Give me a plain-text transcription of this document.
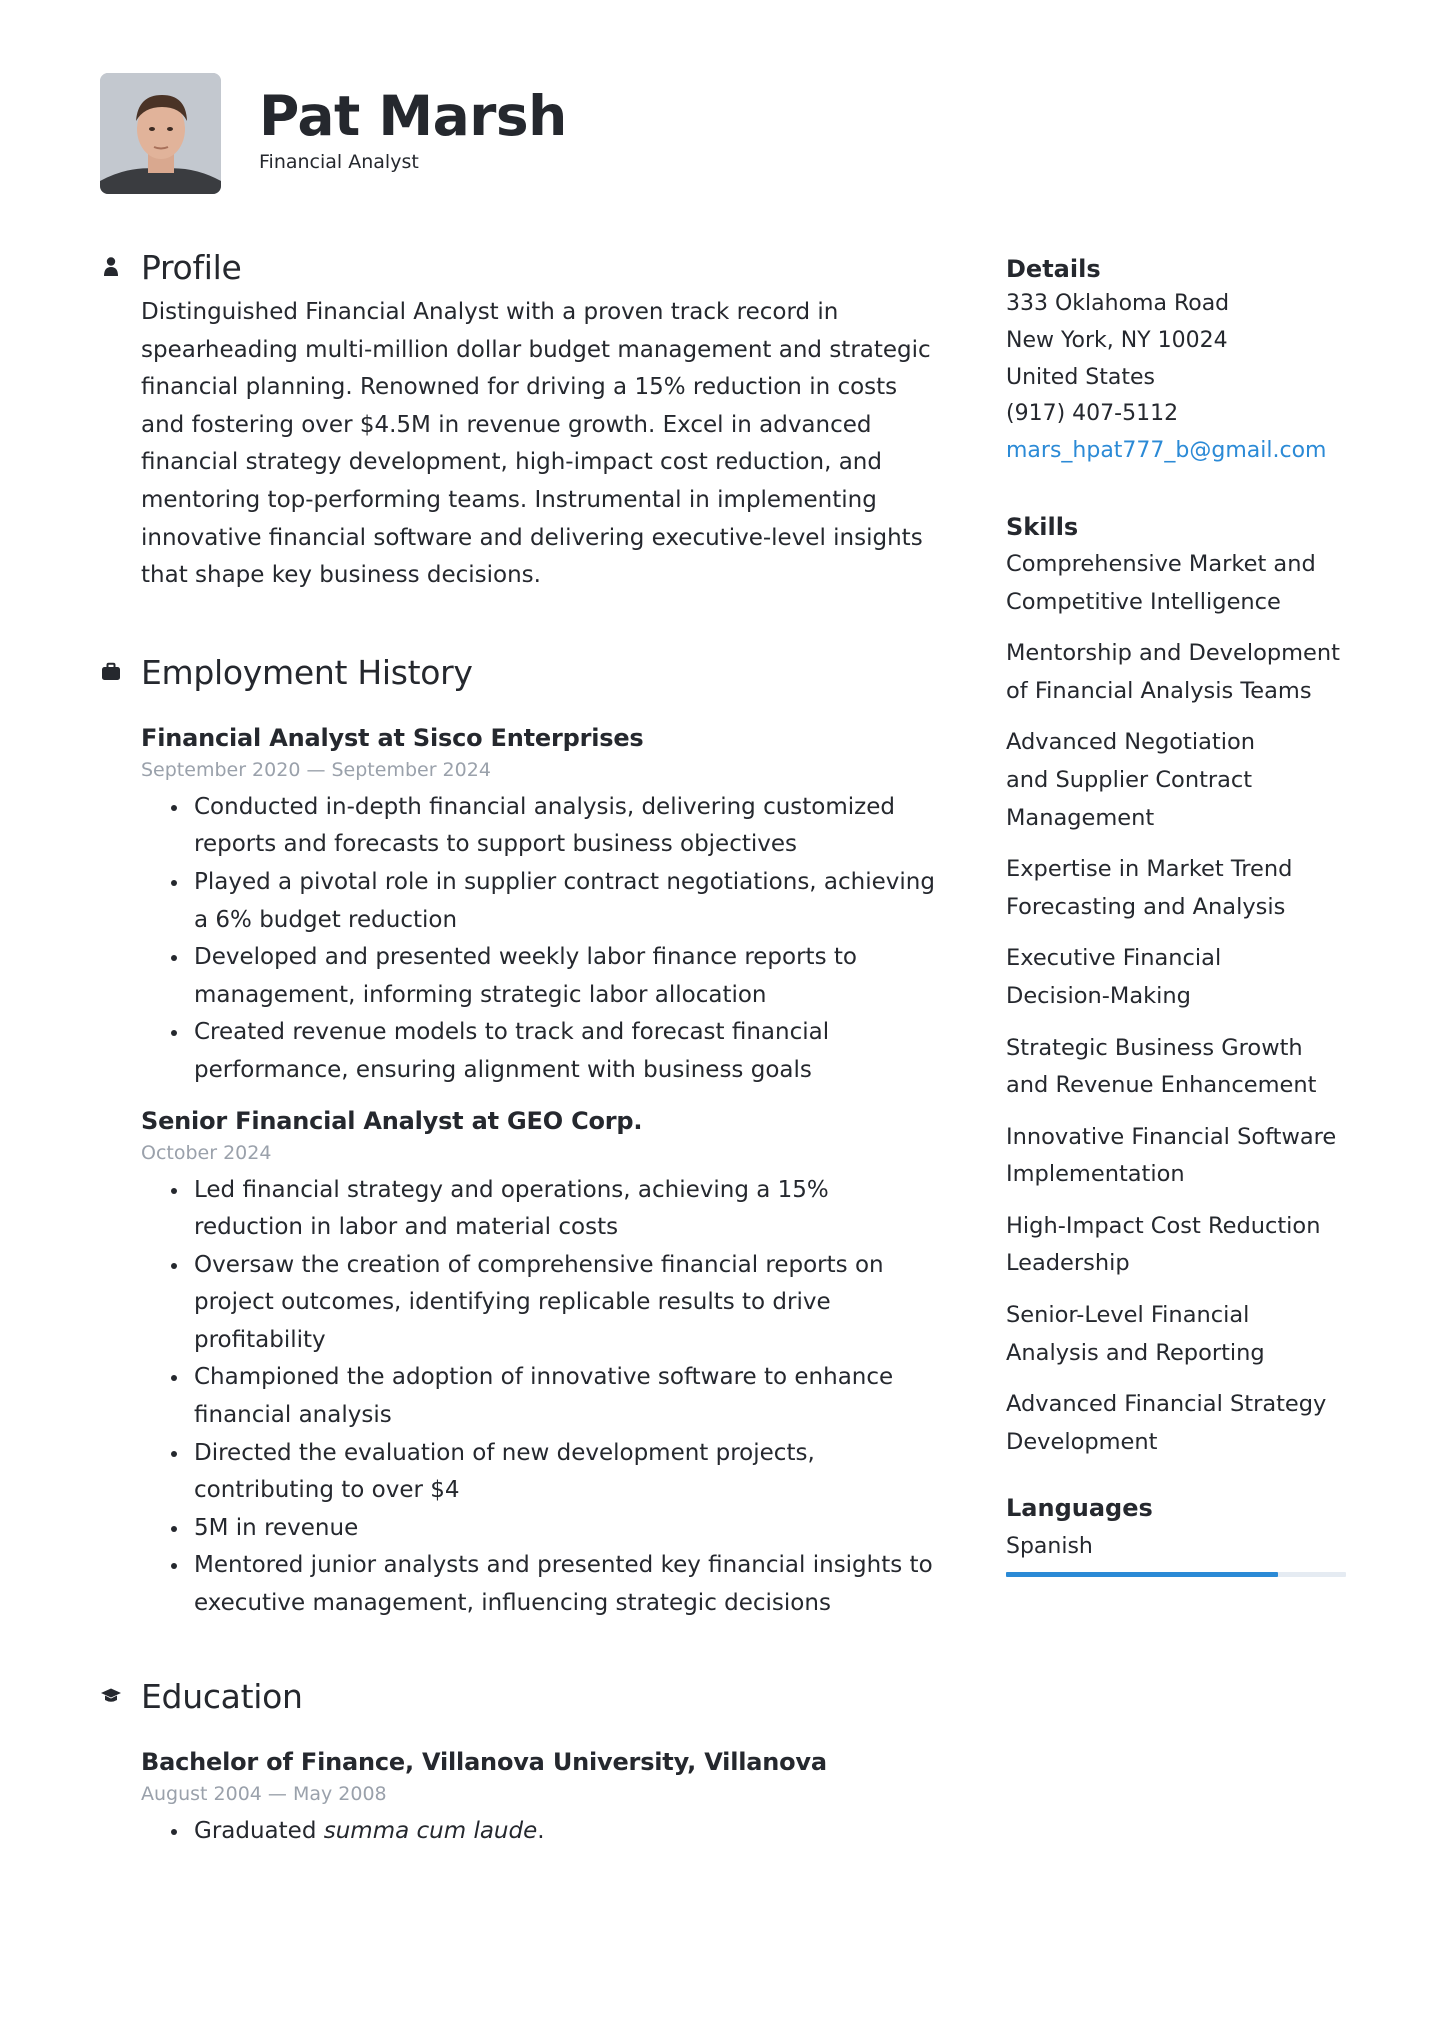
Pat Marsh
Financial Analyst
Profile

Distinguished Financial Analyst with a proven track record in spearheading multi-million dollar budget management and strategic financial planning. Renowned for driving a 15% reduction in costs and fostering over $4.5M in revenue growth. Excel in advanced financial strategy development, high-impact cost reduction, and mentoring top-performing teams. Instrumental in implementing innovative financial software and delivering executive-level insights that shape key business decisions.

Employment History
Financial Analyst at Sisco Enterprises
September 2020 — September 2024
Conducted in-depth financial analysis, delivering customized reports and forecasts to support business objectives
Played a pivotal role in supplier contract negotiations, achieving a 6% budget reduction
Developed and presented weekly labor finance reports to management, informing strategic labor allocation
Created revenue models to track and forecast financial performance, ensuring alignment with business goals
Senior Financial Analyst at GEO Corp.
October 2024
Led financial strategy and operations, achieving a 15% reduction in labor and material costs
Oversaw the creation of comprehensive financial reports on project outcomes, identifying replicable results to drive profitability
Championed the adoption of innovative software to enhance financial analysis
Directed the evaluation of new development projects, contributing to over $4
5M in revenue
Mentored junior analysts and presented key financial insights to executive management, influencing strategic decisions
Education
Bachelor of Finance, Villanova University, Villanova
August 2004 — May 2008
Graduated summa cum laude.
Details
333 Oklahoma Road
New York, NY 10024
United States
(917) 407-5112
mars_hpat777_b@gmail.com
Skills
Comprehensive Market and Competitive Intelligence
Mentorship and Development of Financial Analysis Teams
Advanced Negotiation and Supplier Contract Management
Expertise in Market Trend Forecasting and Analysis
Executive Financial Decision-Making
Strategic Business Growth and Revenue Enhancement
Innovative Financial Software Implementation
High-Impact Cost Reduction Leadership
Senior-Level Financial Analysis and Reporting
Advanced Financial Strategy Development
Languages
Spanish
